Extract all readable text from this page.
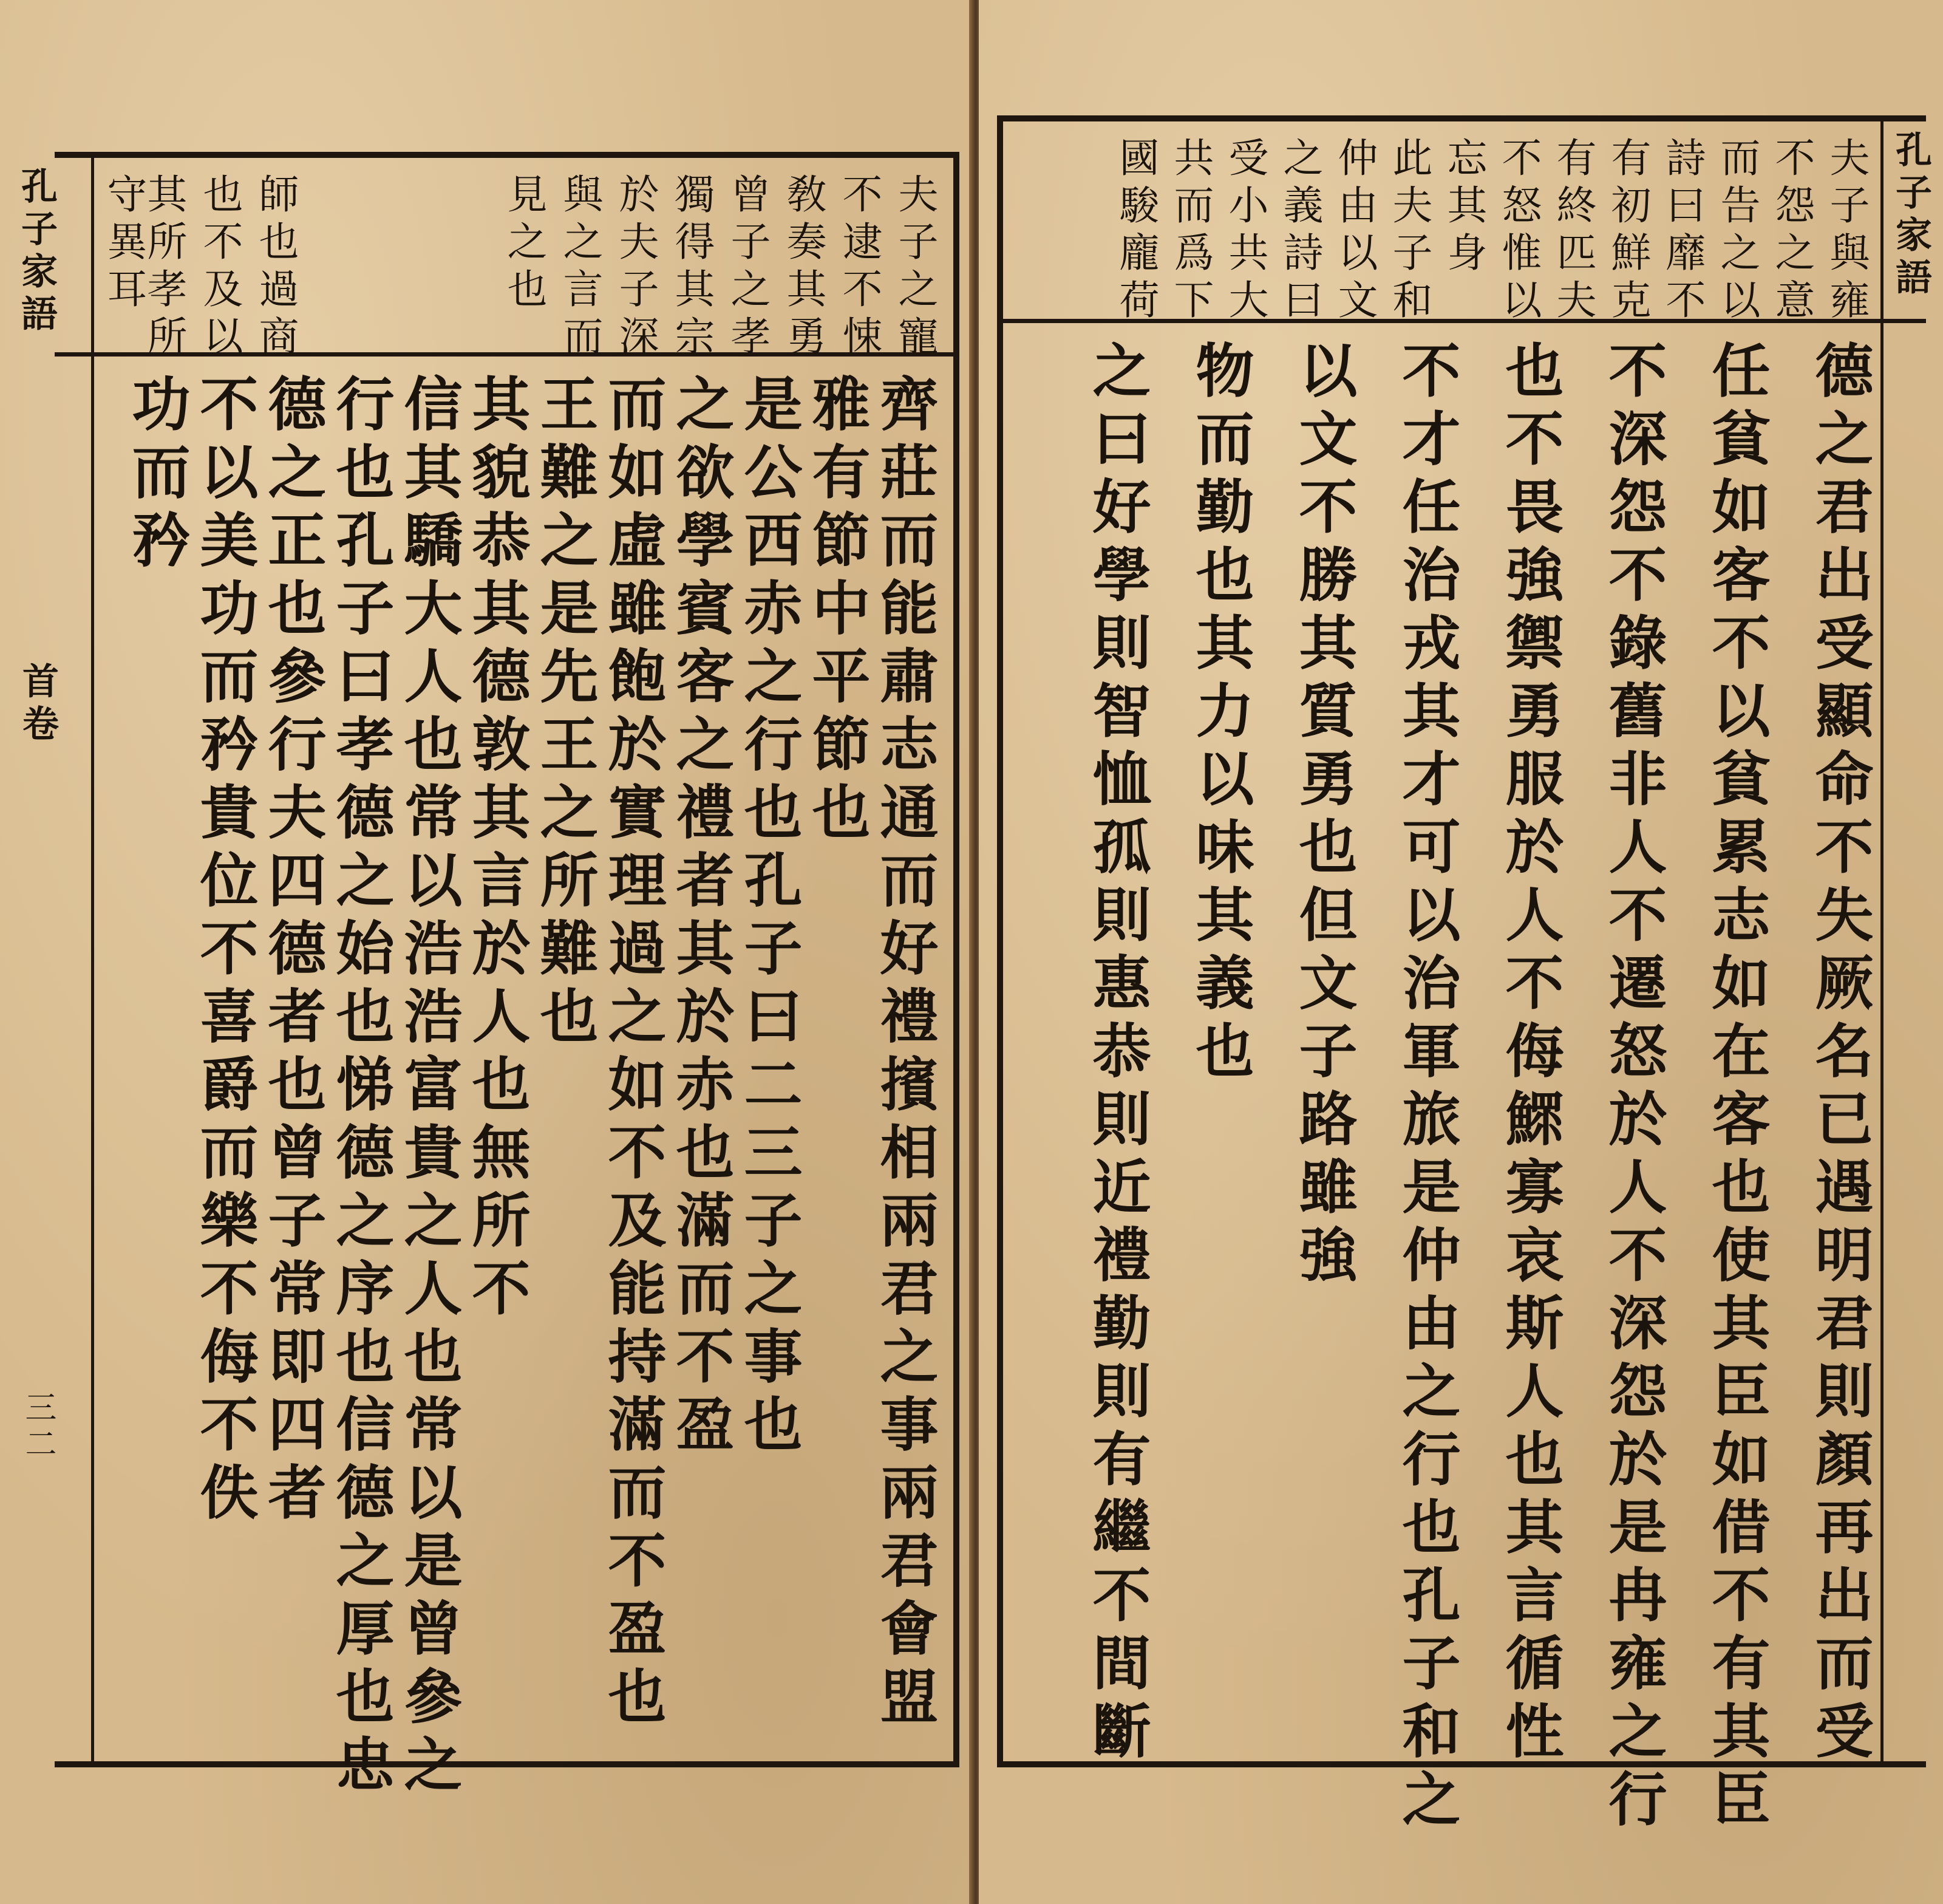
孔子家語
首卷
三二
夫子之寵
不逮不悚
敎奏其勇
曾子之孝
獨得其宗
於夫子深
與之言而
見之也
師也過商
也不及以
其所孝所
守異耳
齊莊而能肅志通而好禮擯相兩君之事兩君會盟
雅有節中平節也
是公西赤之行也孔子曰二三子之事也
之欲學賓客之禮者其於赤也滿而不盈
而如虛雖飽於實理過之如不及能持滿而不盈也
王難之是先王之所難也
其貌恭其德敦其言於人也無所不
信其驕大人也常以浩浩富貴之人也常以是曾參之
行也孔子曰孝德之始也悌德之序也信德之厚也忠
德之正也參行夫四德者也曾子常即四者
不以美功而矜貴位不喜爵而樂不侮不佚
功而矜
孔子家語
夫子與雍
不怨之意
而告之以
詩曰靡不
有初鮮克
有終匹夫
不怒惟以
忘其身
此夫子和
仲由以文
之義詩曰
受小共大
共而爲下
國駿龐荷
德之君出受顯命不失厥名已遇明君則顏再出而受
任貧如客不以貧累志如在客也使其臣如借不有其臣
不深怨不錄舊非人不遷怒於人不深怨於是冉雍之行
也不畏強禦勇服於人不侮鰥寡哀斯人也其言循性
不才任治戎其才可以治軍旅是仲由之行也孔子和之
以文不勝其質勇也但文子路雖強
物而勤也其力以味其義也
之曰好學則智恤孤則惠恭則近禮勤則有繼不間斷
